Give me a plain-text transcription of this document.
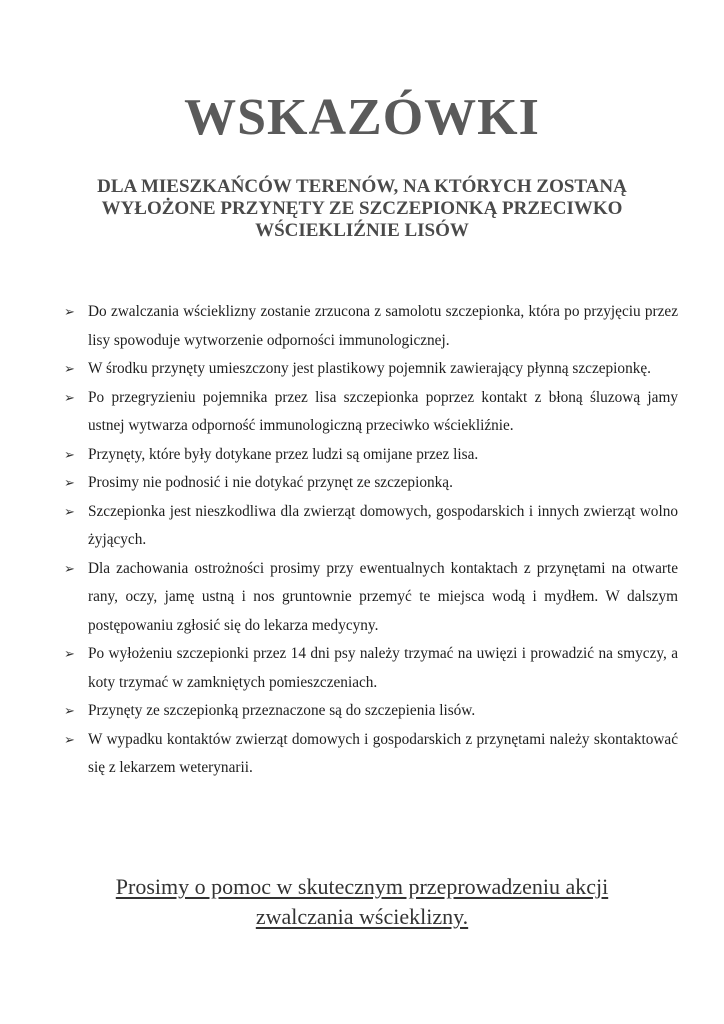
WSKAZÓWKI
DLA MIESZKAŃCÓW TERENÓW, NA KTÓRYCH ZOSTANĄ
WYŁOŻONE PRZYNĘTY ZE SZCZEPIONKĄ PRZECIWKO
WŚCIEKLIŹNIE LISÓW
➢ Do zwalczania wścieklizny zostanie zrzucona z samolotu szczepionka, która po przyjęciu przez lisy spowoduje wytworzenie odporności immunologicznej.
➢ W środku przynęty umieszczony jest plastikowy pojemnik zawierający płynną szczepionkę.
➢ Po przegryzieniu pojemnika przez lisa szczepionka poprzez kontakt z błoną śluzową jamy ustnej wytwarza odporność immunologiczną przeciwko wściekliźnie.
➢ Przynęty, które były dotykane przez ludzi są omijane przez lisa.
➢ Prosimy nie podnosić i nie dotykać przynęt ze szczepionką.
➢ Szczepionka jest nieszkodliwa dla zwierząt domowych, gospodarskich i innych zwierząt wolno żyjących.
➢ Dla zachowania ostrożności prosimy przy ewentualnych kontaktach z przynętami na otwarte rany, oczy, jamę ustną i nos gruntownie przemyć te miejsca wodą i mydłem. W dalszym postępowaniu zgłosić się do lekarza medycyny.
➢ Po wyłożeniu szczepionki przez 14 dni psy należy trzymać na uwięzi i prowadzić na smyczy, a koty trzymać w zamkniętych pomieszczeniach.
➢ Przynęty ze szczepionką przeznaczone są do szczepienia lisów.
➢ W wypadku kontaktów zwierząt domowych i gospodarskich z przynętami należy skontaktować się z lekarzem weterynarii.

Prosimy o pomoc w skutecznym przeprowadzeniu akcji
zwalczania wścieklizny.
